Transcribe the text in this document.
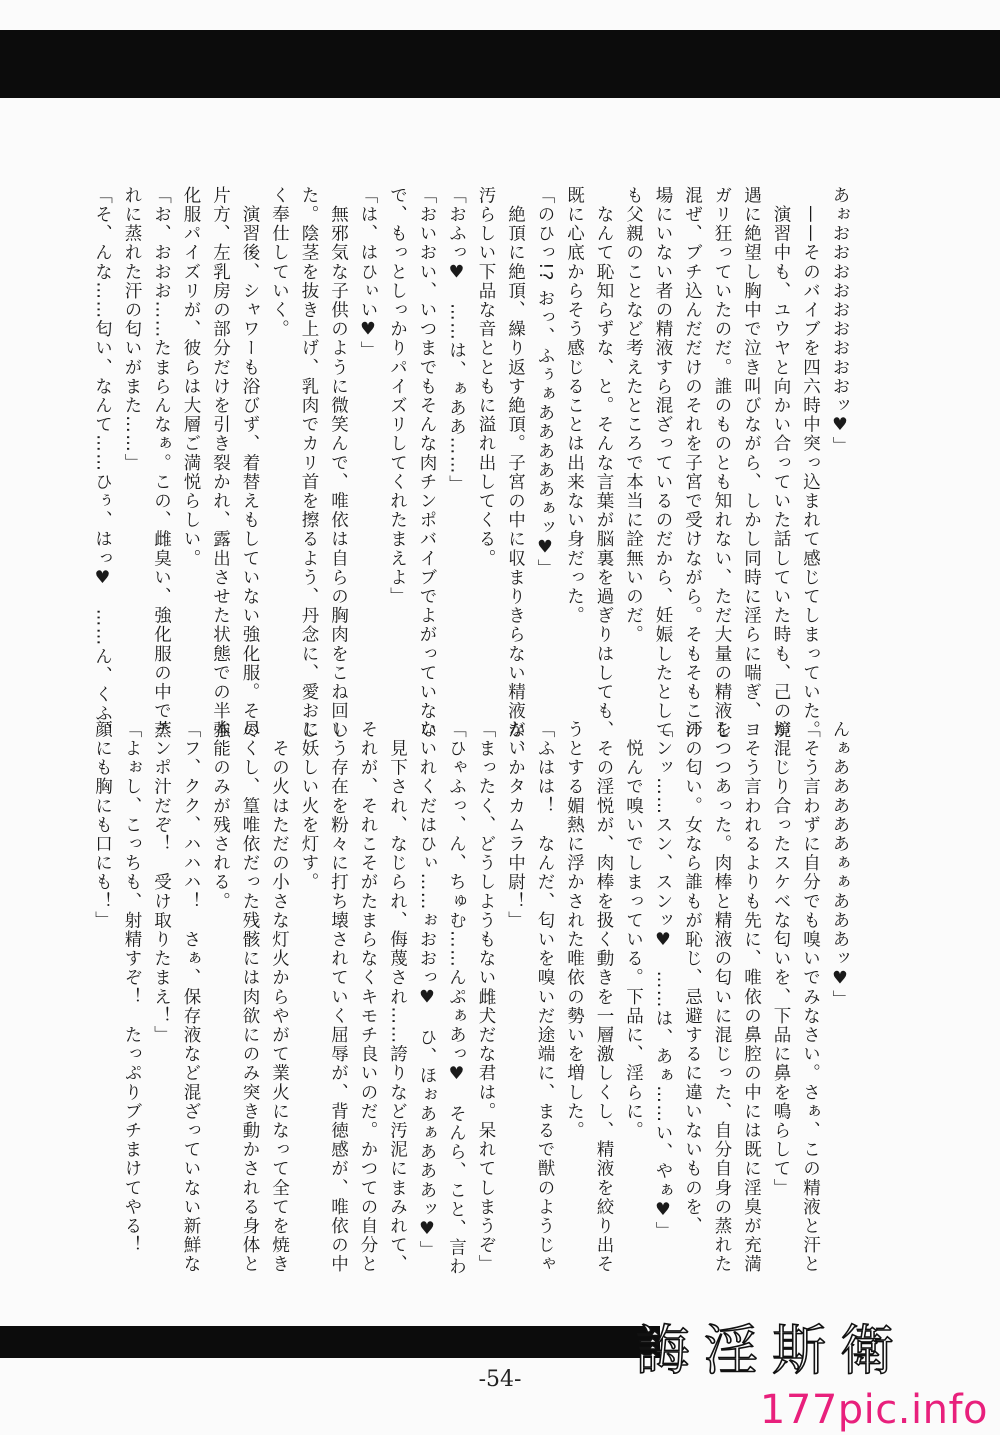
あぉおおおおおおおおおッ♥」

　——そのバイブを四六時中突っ込まれて感じてしまっていた。

　演習中も、ユウヤと向かい合っていた話していた時も、己の境

遇に絶望し胸中で泣き叫びながら、しかし同時に淫らに喘ぎ、ヨ

ガリ狂っていたのだ。誰のものとも知れない、ただ大量の精液を

混ぜ、ブチ込んだだけのそれを子宮で受けながら。そもそもこの

場にいない者の精液すら混ざっているのだから、妊娠したとして

も父親のことなど考えたところで本当に詮無いのだ。

　なんて恥知らずな、と。そんな言葉が脳裏を過ぎりはしても、

既に心底からそう感じることは出来ない身だった。

「のひっ!? おっ、ふぅぁあああああぁッ♥」

　絶頂に絶頂、繰り返す絶頂。子宮の中に収まりきらない精液が、

汚らしい下品な音とともに溢れ出してくる。

「おふっ♥　……は、ぁああ……」

「おいおい、いつまでもそんな肉チンポバイブでよがっていない

で、もっとしっかりパイズリしてくれたまえよ」

「は、はひぃい♥」

　無邪気な子供のように微笑んで、唯依は自らの胸肉をこね回し

た。陰茎を抜き上げ、乳肉でカリ首を擦るよう、丹念に、愛おし

く奉仕していく。

　演習後、シャワーも浴びず、着替えもしていない強化服。その

片方、左乳房の部分だけを引き裂かれ、露出させた状態での半強

化服パイズリが、彼らは大層ご満悦らしい。

「お、おおお……たまらんなぁ。この、雌臭い、強化服の中で蒸

れに蒸れた汗の匂いがまた……」

「そ、んな……匂い、なんて……ひぅ、はっ♥　……ん、くふ、

んぁあああああぁぁあああッ♥」

「そう言わずに自分でも嗅いでみなさい。さぁ、この精液と汗と

が混じり合ったスケベな匂いを、下品に鼻を鳴らして」

　そう言われるよりも先に、唯依の鼻腔の中には既に淫臭が充満

しつつあった。肉棒と精液の匂いに混じった、自分自身の蒸れた

汗の匂い。女なら誰もが恥じ、忌避するに違いないものを、

「ンッ……スン、スンッ♥　……は、あぁ……い、やぁ♥」

　悦んで嗅いでしまっている。下品に、淫らに。

　その淫悦が、肉棒を扱く動きを一層激しくし、精液を絞り出そ

うとする媚熱に浮かされた唯依の勢いを増した。

「ふはは！　なんだ、匂いを嗅いだ途端に、まるで獣のようじゃ

ないかタカムラ中尉！」

「まったく、どうしようもない雌犬だな君は。呆れてしまうぞ」

「ひゃふっ、ん、ちゅむ……んぷぁあっ♥　そんら、こと、言わ

ないれくだはひぃ……ぉおおっ♥　ひ、ほぉあぁあああッ♥」

　見下され、なじられ、侮蔑され……誇りなど汚泥にまみれて、

それが、それこそがたまらなくキモチ良いのだ。かつての自分と

いう存在を粉々に打ち壊されていく屈辱が、背徳感が、唯依の中

に妖しい火を灯す。

　その火はただの小さな灯火からやがて業火になって全てを焼き

尽くし、篁唯依だった残骸には肉欲にのみ突き動かされる身体と

本能のみが残される。

「フ、クク、ハハハ！　さぁ、保存液など混ざっていない新鮮な

チンポ汁だぞ！　受け取りたまえ！」

「よぉし、こっちも、射精すぞ！　たっぷりブチまけてやる！

顔にも胸にも口にも！」

誨淫斯衛
-54-
177pic.info
